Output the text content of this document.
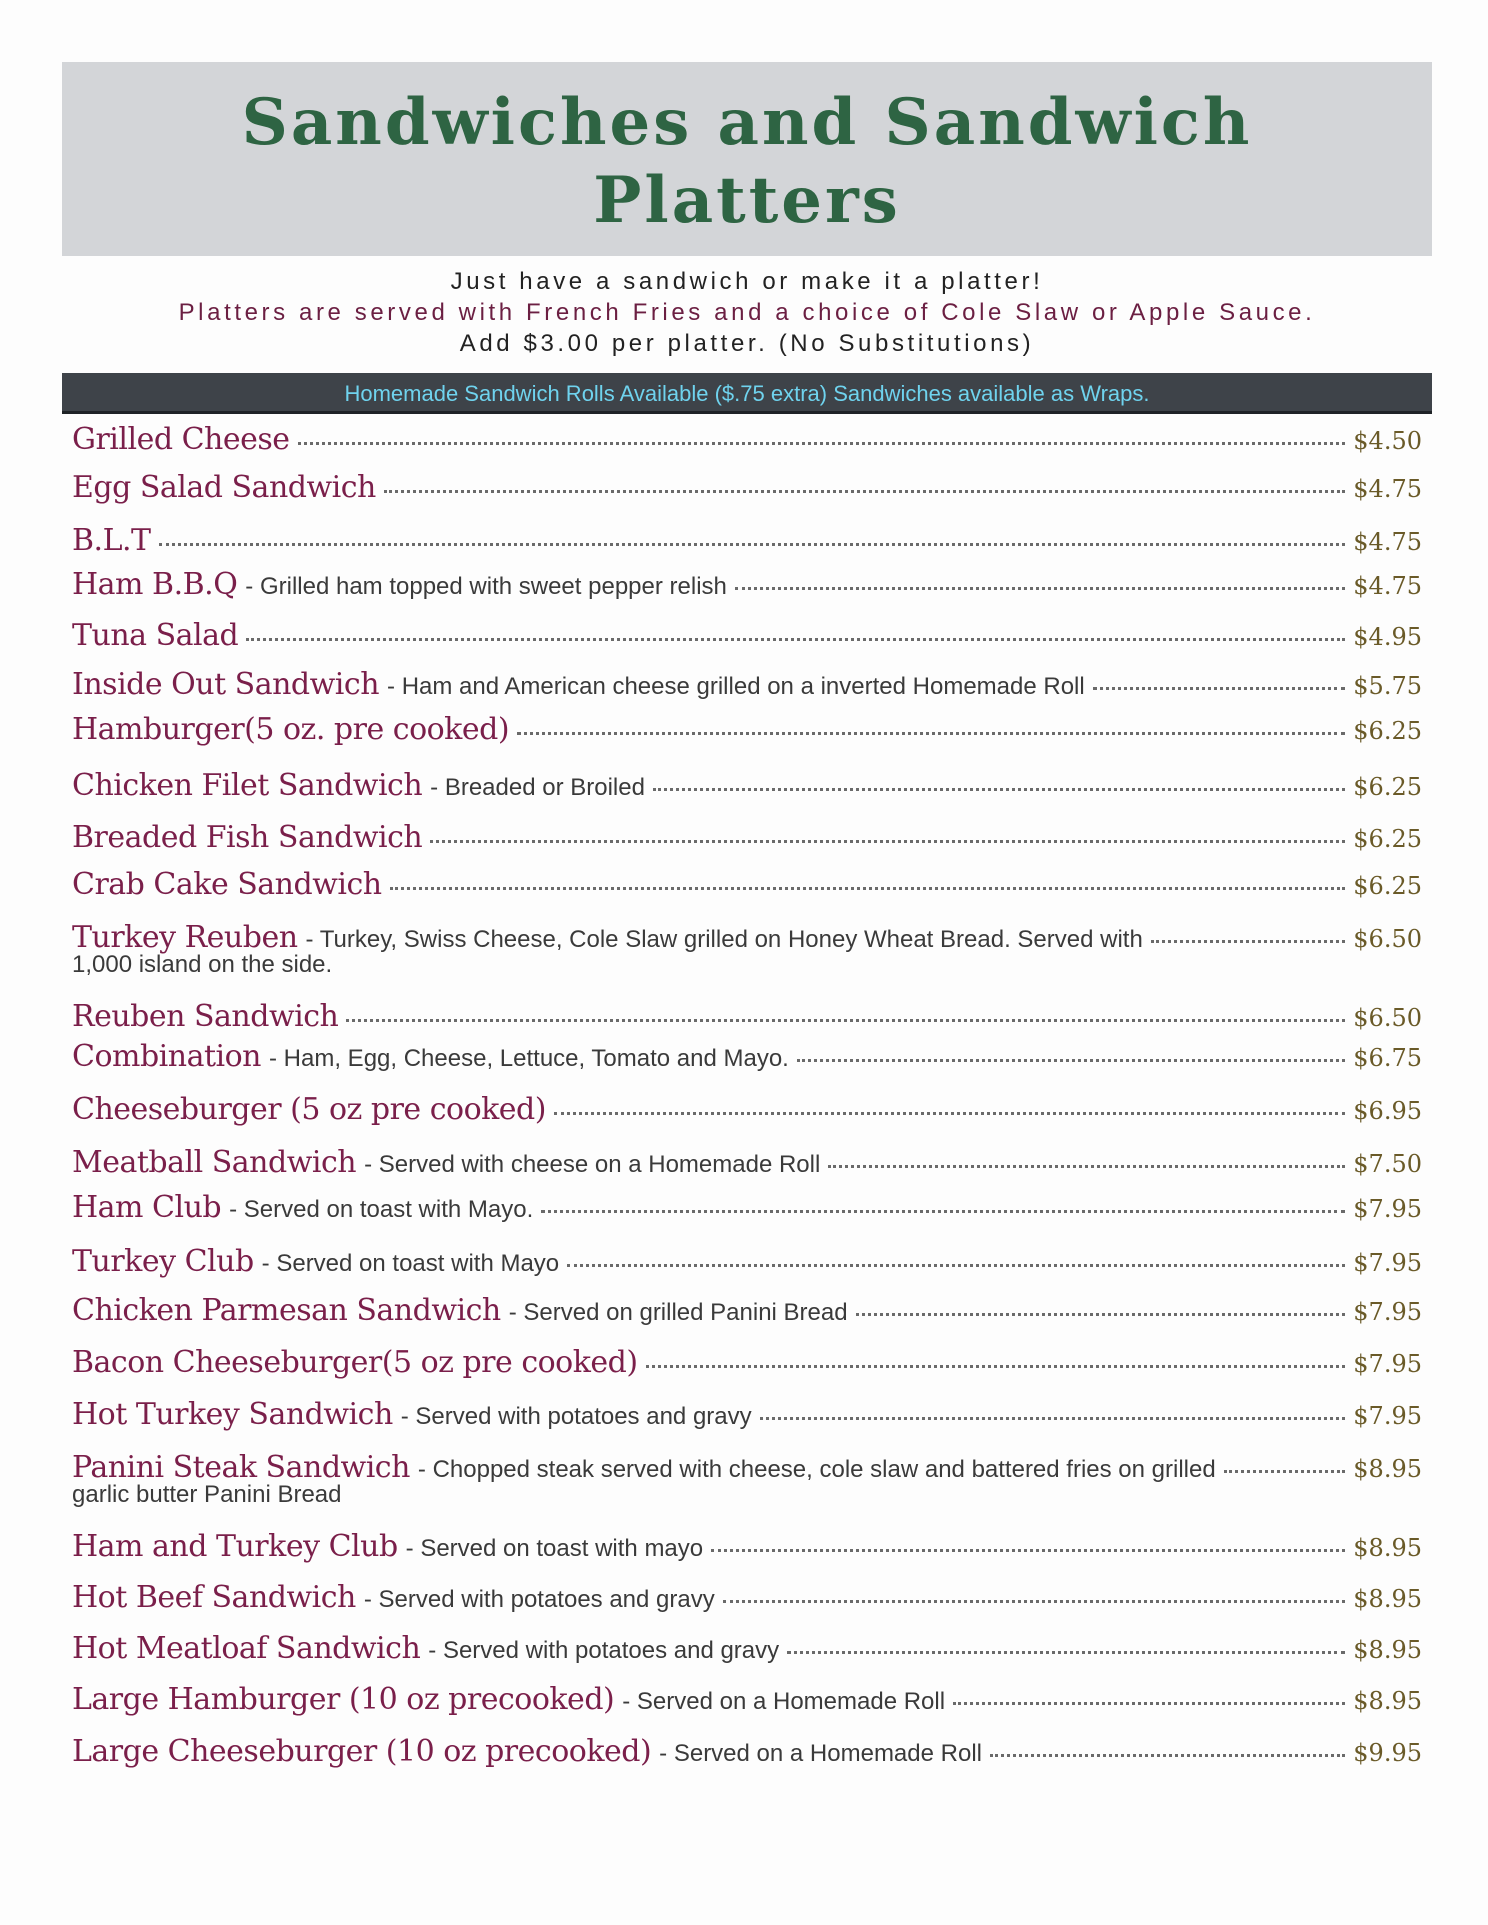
Sandwiches and Sandwich
Platters
Just have a sandwich or make it a platter!
Platters are served with French Fries and a choice of Cole Slaw or Apple Sauce.
Add $3.00 per platter. (No Substitutions)
Homemade Sandwich Rolls Available ($.75 extra) Sandwiches available as Wraps.
Grilled Cheese	$4.50
Egg Salad Sandwich	$4.75
B.L.T	$4.75
Ham B.B.Q - Grilled ham topped with sweet pepper relish	$4.75
Tuna Salad	$4.95
Inside Out Sandwich - Ham and American cheese grilled on a inverted Homemade Roll	$5.75
Hamburger(5 oz. pre cooked)	$6.25
Chicken Filet Sandwich - Breaded or Broiled	$6.25
Breaded Fish Sandwich	$6.25
Crab Cake Sandwich	$6.25
Turkey Reuben - Turkey, Swiss Cheese, Cole Slaw grilled on Honey Wheat Bread. Served with	$6.50
1,000 island on the side.
Reuben Sandwich	$6.50
Combination - Ham, Egg, Cheese, Lettuce, Tomato and Mayo.	$6.75
Cheeseburger (5 oz pre cooked)	$6.95
Meatball Sandwich - Served with cheese on a Homemade Roll	$7.50
Ham Club - Served on toast with Mayo.	$7.95
Turkey Club - Served on toast with Mayo	$7.95
Chicken Parmesan Sandwich - Served on grilled Panini Bread	$7.95
Bacon Cheeseburger(5 oz pre cooked)	$7.95
Hot Turkey Sandwich - Served with potatoes and gravy	$7.95
Panini Steak Sandwich - Chopped steak served with cheese, cole slaw and battered fries on grilled	$8.95
garlic butter Panini Bread
Ham and Turkey Club - Served on toast with mayo	$8.95
Hot Beef Sandwich - Served with potatoes and gravy	$8.95
Hot Meatloaf Sandwich - Served with potatoes and gravy	$8.95
Large Hamburger (10 oz precooked) - Served on a Homemade Roll	$8.95
Large Cheeseburger (10 oz precooked) - Served on a Homemade Roll	$9.95
